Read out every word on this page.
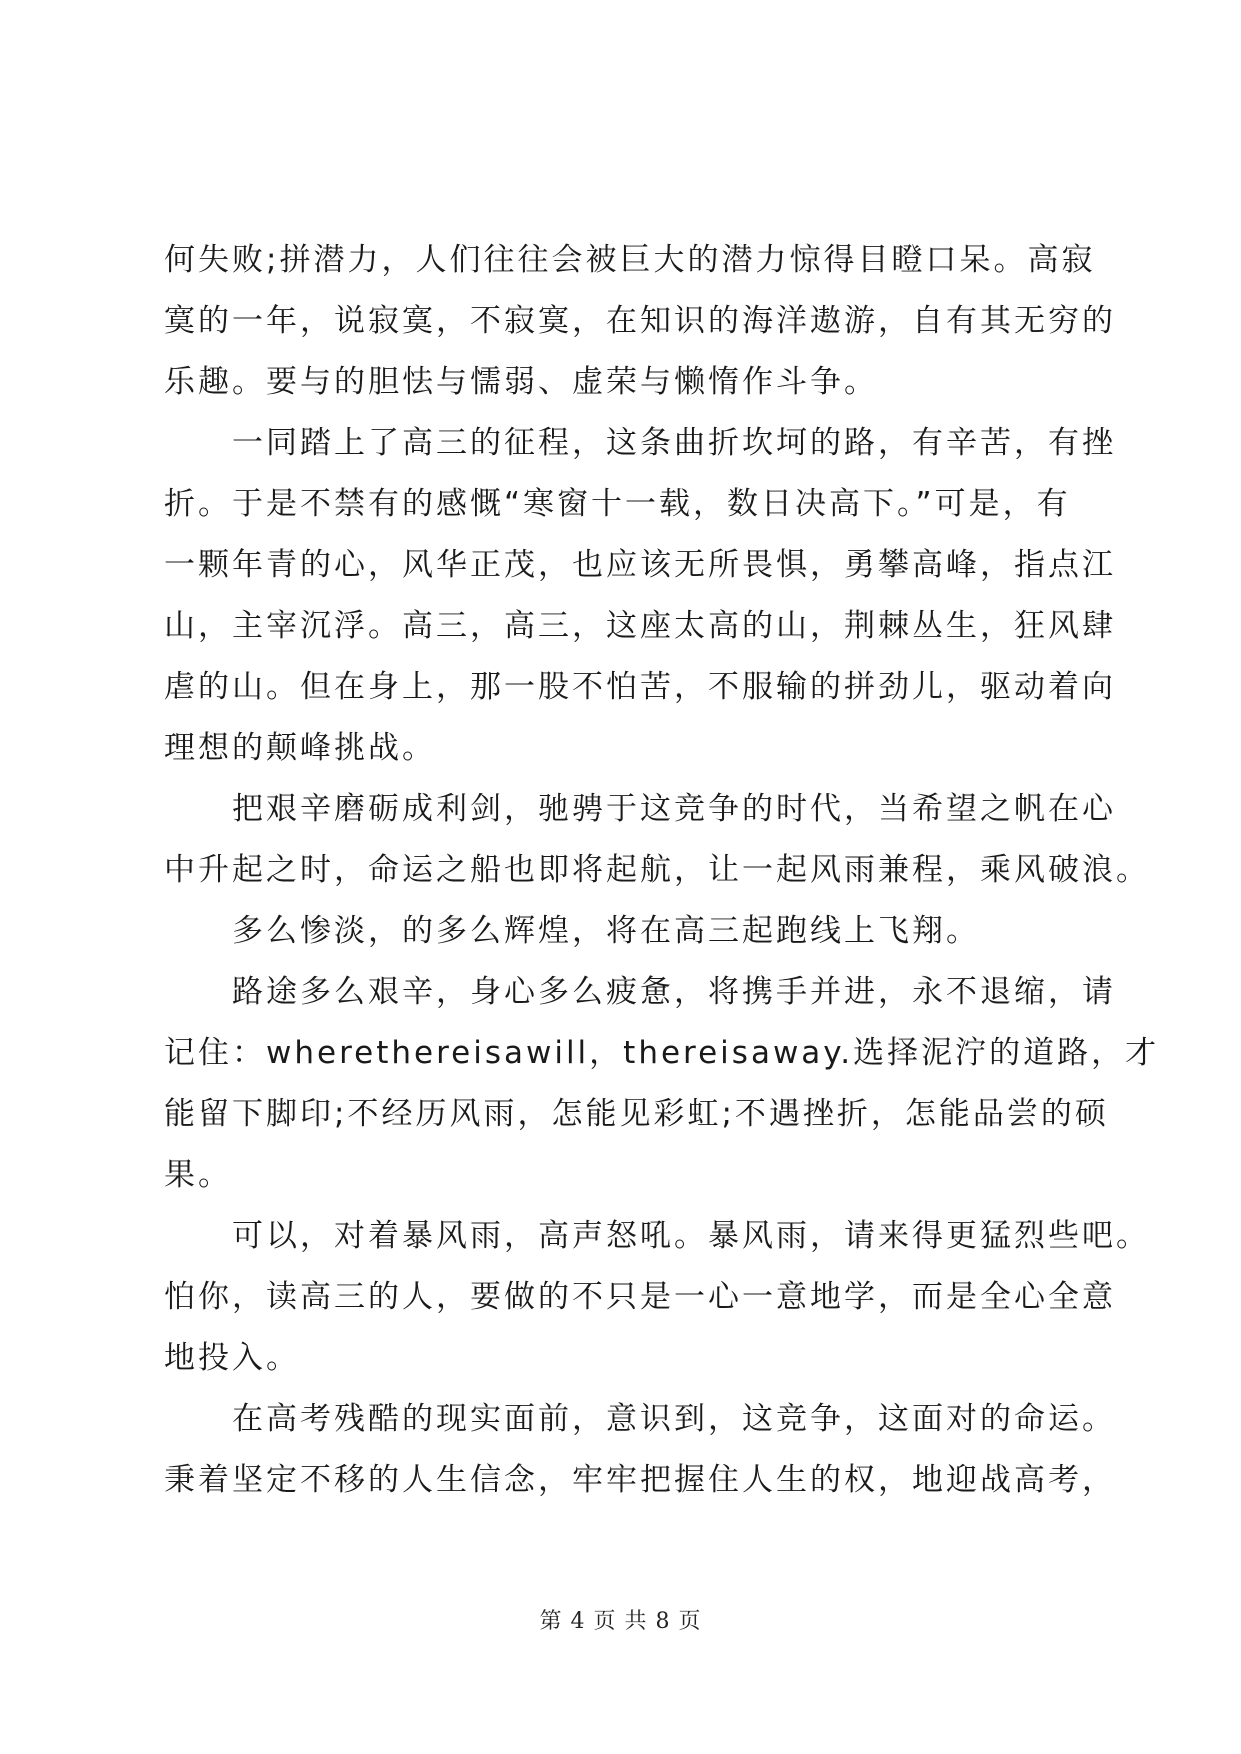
何失败;拼潜力，人们往往会被巨大的潜力惊得目瞪口呆。高寂
寞的一年，说寂寞，不寂寞，在知识的海洋遨游，自有其无穷的
乐趣。要与的胆怯与懦弱、虚荣与懒惰作斗争。
一同踏上了高三的征程，这条曲折坎坷的路，有辛苦，有挫
折。于是不禁有的感慨“寒窗十一载，数日决高下。”可是，有
一颗年青的心，风华正茂，也应该无所畏惧，勇攀高峰，指点江
山，主宰沉浮。高三，高三，这座太高的山，荆棘丛生，狂风肆
虐的山。但在身上，那一股不怕苦，不服输的拼劲儿，驱动着向
理想的颠峰挑战。
把艰辛磨砺成利剑，驰骋于这竞争的时代，当希望之帆在心
中升起之时，命运之船也即将起航，让一起风雨兼程，乘风破浪。
多么惨淡，的多么辉煌，将在高三起跑线上飞翔。
路途多么艰辛，身心多么疲惫，将携手并进，永不退缩，请
记住：wherethereisawill，thereisaway.选择泥泞的道路，才
能留下脚印;不经历风雨，怎能见彩虹;不遇挫折，怎能品尝的硕
果。
可以，对着暴风雨，高声怒吼。暴风雨，请来得更猛烈些吧。
怕你，读高三的人，要做的不只是一心一意地学，而是全心全意
地投入。
在高考残酷的现实面前，意识到，这竞争，这面对的命运。
秉着坚定不移的人生信念，牢牢把握住人生的权，地迎战高考，
第 4 页 共 8 页
